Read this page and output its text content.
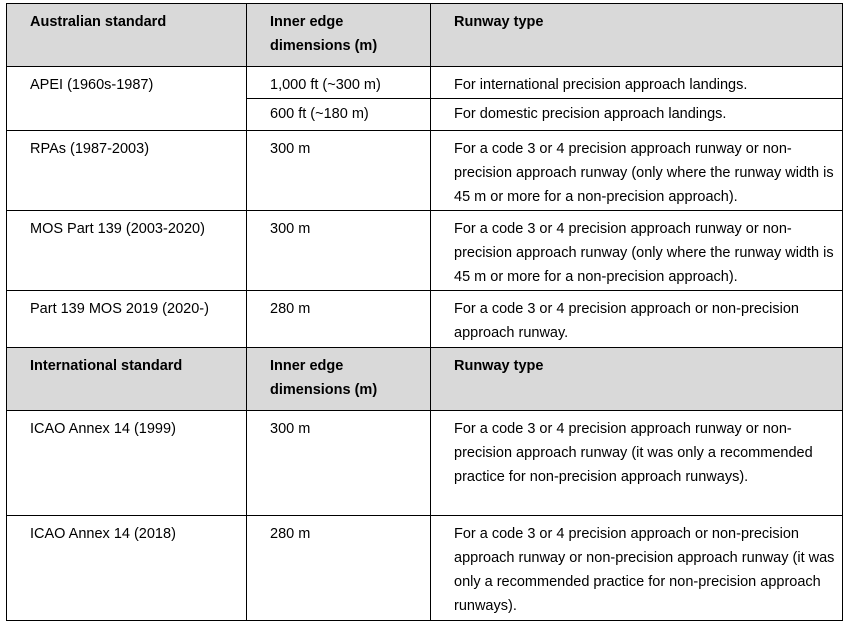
Australian standard	Inner edge dimensions (m)	Runway type
APEI (1960s-1987)	1,000 ft (~300 m)	For international precision approach landings.
	600 ft (~180 m)	For domestic precision approach landings.
RPAs (1987-2003)	300 m	For a code 3 or 4 precision approach runway or non-precision approach runway (only where the runway width is 45 m or more for a non-precision approach).
MOS Part 139 (2003-2020)	300 m	For a code 3 or 4 precision approach runway or non-precision approach runway (only where the runway width is 45 m or more for a non-precision approach).
Part 139 MOS 2019 (2020-)	280 m	For a code 3 or 4 precision approach or non-precision approach runway.
International standard	Inner edge dimensions (m)	Runway type
ICAO Annex 14 (1999)	300 m	For a code 3 or 4 precision approach runway or non-precision approach runway (it was only a recommended practice for non-precision approach runways).
ICAO Annex 14 (2018)	280 m	For a code 3 or 4 precision approach or non-precision approach runway or non-precision approach runway (it was only a recommended practice for non-precision approach runways).
